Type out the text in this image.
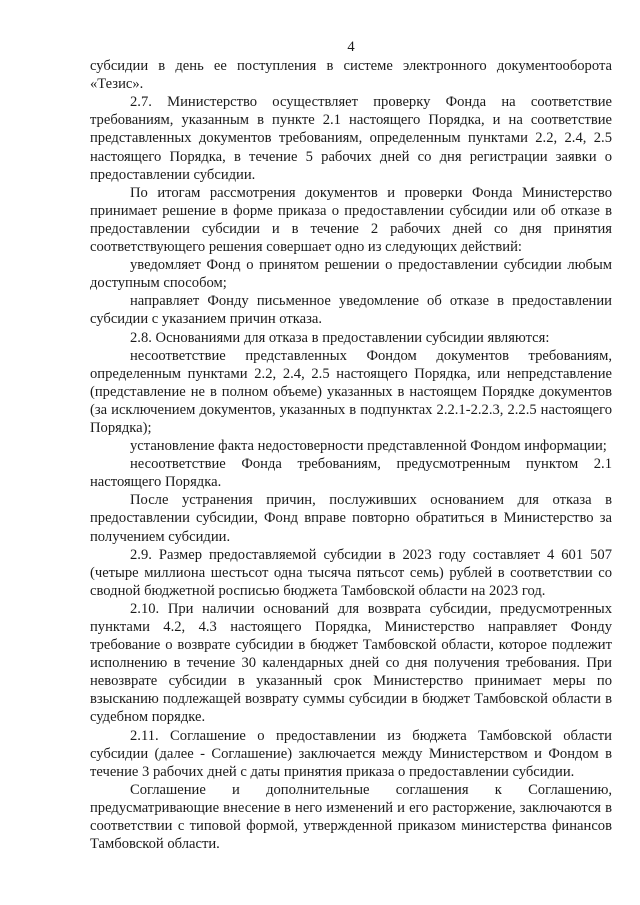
4

субсидии в день ее поступления в системе электронного документооборота «Тезис».

2.7. Министерство осуществляет проверку Фонда на соответствие требованиям, указанным в пункте 2.1 настоящего Порядка, и на соответствие представленных документов требованиям, определенным пунктами 2.2, 2.4, 2.5 настоящего Порядка, в течение 5 рабочих дней со дня регистрации заявки о предоставлении субсидии.

По итогам рассмотрения документов и проверки Фонда Министерство принимает решение в форме приказа о предоставлении субсидии или об отказе в предоставлении субсидии и в течение 2 рабочих дней со дня принятия соответствующего решения совершает одно из следующих действий:

уведомляет Фонд о принятом решении о предоставлении субсидии любым доступным способом;

направляет Фонду письменное уведомление об отказе в предоставлении субсидии с указанием причин отказа.

2.8. Основаниями для отказа в предоставлении субсидии являются:

несоответствие представленных Фондом документов требованиям, определенным пунктами 2.2, 2.4, 2.5 настоящего Порядка, или непредставление (представление не в полном объеме) указанных в настоящем Порядке документов (за исключением документов, указанных в подпунктах 2.2.1-2.2.3, 2.2.5 настоящего Порядка);

установление факта недостоверности представленной Фондом информации;

несоответствие Фонда требованиям, предусмотренным пунктом 2.1 настоящего Порядка.

После устранения причин, послуживших основанием для отказа в предоставлении субсидии, Фонд вправе повторно обратиться в Министерство за получением субсидии.

2.9. Размер предоставляемой субсидии в 2023 году составляет 4 601 507 (четыре миллиона шестьсот одна тысяча пятьсот семь) рублей в соответствии со сводной бюджетной росписью бюджета Тамбовской области на 2023 год.

2.10. При наличии оснований для возврата субсидии, предусмотренных пунктами 4.2, 4.3 настоящего Порядка, Министерство направляет Фонду требование о возврате субсидии в бюджет Тамбовской области, которое подлежит исполнению в течение 30 календарных дней со дня получения требования. При невозврате субсидии в указанный срок Министерство принимает меры по взысканию подлежащей возврату суммы субсидии в бюджет Тамбовской области в судебном порядке.

2.11. Соглашение о предоставлении из бюджета Тамбовской области субсидии (далее - Соглашение) заключается между Министерством и Фондом в течение 3 рабочих дней с даты принятия приказа о предоставлении субсидии.

Соглашение и дополнительные соглашения к Соглашению, предусматривающие внесение в него изменений и его расторжение, заключаются в соответствии с типовой формой, утвержденной приказом министерства финансов Тамбовской области.
